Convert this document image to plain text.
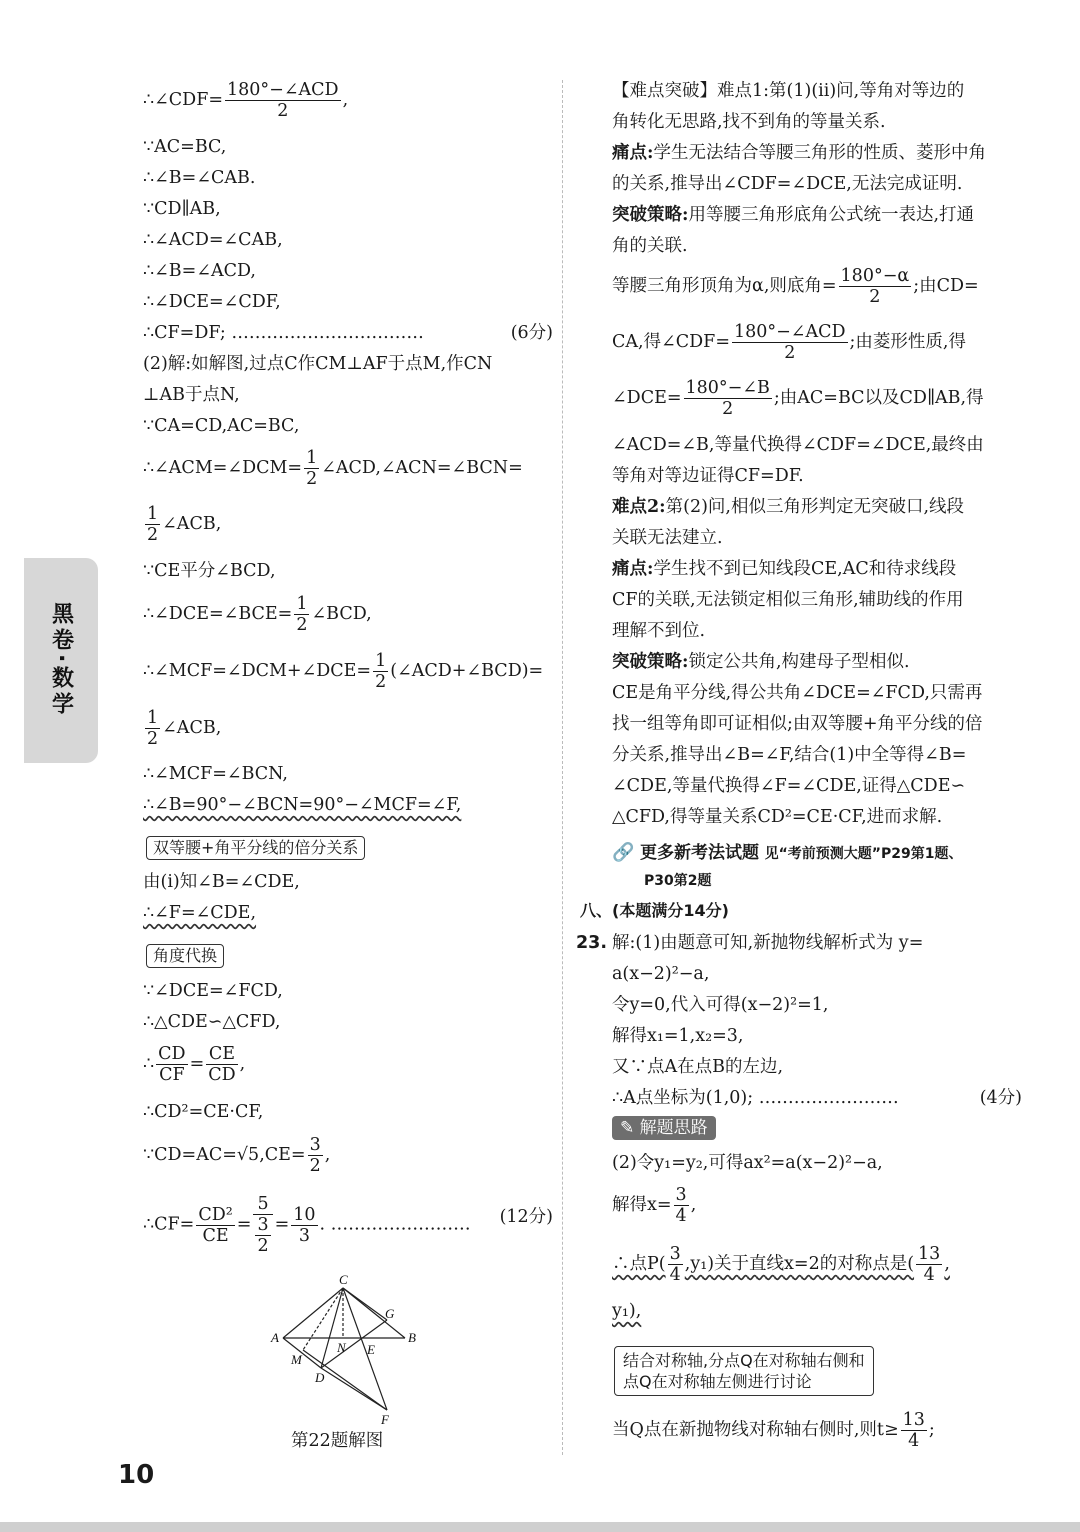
黑卷·数学
∴∠CDF= $\frac{\text{180°−∠ACD}}{2}$ ,
∵AC=BC,
∴∠B=∠CAB.
∵CD∥AB,
∴∠ACD=∠CAB,
∴∠B=∠ACD,
∴∠DCE=∠CDF,
∴CF=DF; ……………………………	(6分)
(2)解:如解图,过点C作CM⊥AF于点M,作CN
⊥AB于点N,
∵CA=CD,AC=BC,
∴∠ACM=∠DCM= $\frac{1}{2}$ ∠ACD,∠ACN=∠BCN=
$\frac{1}{2}$ ∠ACB,
∵CE平分∠BCD,
∴∠DCE=∠BCE= $\frac{1}{2}$ ∠BCD,
∴∠MCF=∠DCM+∠DCE= $\frac{1}{2}$ (∠ACD+∠BCD)=
$\frac{1}{2}$ ∠ACB,
∴∠MCF=∠BCN,
∴∠B=90°−∠BCN=90°−∠MCF=∠F,
双等腰+角平分线的倍分关系
由(i)知∠B=∠CDE,
∴∠F=∠CDE,
角度代换
∵∠DCE=∠FCD,
∴△CDE∽△CFD,
∴ $\frac{CD}{CF} = \frac{CE}{CD}$ ,
∴CD²=CE·CF,
∵CD=AC=√5,CE= $\frac{3}{2}$ ,
∴CF= $\frac{\text{CD²}}{CE} = \frac{5}{\frac{3}{2}} = \frac{10}{3}$ . …………………… (12分)
C
G
A
N
B
M
E
D
F
第22题解图
【难点突破】难点1:第(1)(ii)问,等角对等边的
角转化无思路,找不到角的等量关系.
痛点:学生无法结合等腰三角形的性质、菱形中角
的关系,推导出∠CDF=∠DCE,无法完成证明.
突破策略:用等腰三角形底角公式统一表达,打通
角的关联.
等腰三角形顶角为α,则底角= $\frac{180^\circ-\alpha}{2}$ ;由CD=
CA,得∠CDF= $\frac{\text{180°−∠ACD}}{2}$ ;由菱形性质,得
∠DCE= $\frac{180^\circ-\angle B}{2}$ ;由AC=BC以及CD∥AB,得
∠ACD=∠B,等量代换得∠CDF=∠DCE,最终由
等角对等边证得CF=DF.
难点2:第(2)问,相似三角形判定无突破口,线段
关联无法建立.
痛点:学生找不到已知线段CE,AC和待求线段
CF的关联,无法锁定相似三角形,辅助线的作用
理解不到位.
突破策略:锁定公共角,构建母子型相似.
CE是角平分线,得公共角∠DCE=∠FCD,只需再
找一组等角即可证相似;由双等腰+角平分线的倍
分关系,推导出∠B=∠F,结合(1)中全等得∠B=
∠CDE,等量代换得∠F=∠CDE,证得△CDE∽
△CFD,得等量关系CD²=CE·CF,进而求解.
🔗 更多新考法试题 见“考前预测大题”P29第1题、
P30第2题
八、(本题满分14分)
23. 解:(1)由题意可知,新抛物线解析式为 y=
a(x−2)²−a,
令y=0,代入可得(x−2)²=1,
解得x₁=1,x₂=3,
又∵点A在点B的左边,
∴A点坐标为(1,0); ……………………	(4分)
✎ 解题思路
(2)令y₁=y₂,可得ax²=a(x−2)²−a,
解得$x= \frac{3}{4}$ ,
∴点$P( \frac{3}{4} ,y_1)$关于直线x=2的对称点是( $\frac{13}{4}$ ,
y₁),
结合对称轴,分点Q在对称轴右侧和
点Q在对称轴左侧进行讨论
当Q点在新抛物线对称轴右侧时,则$t\ge \frac{13}{4}$ ;
10
